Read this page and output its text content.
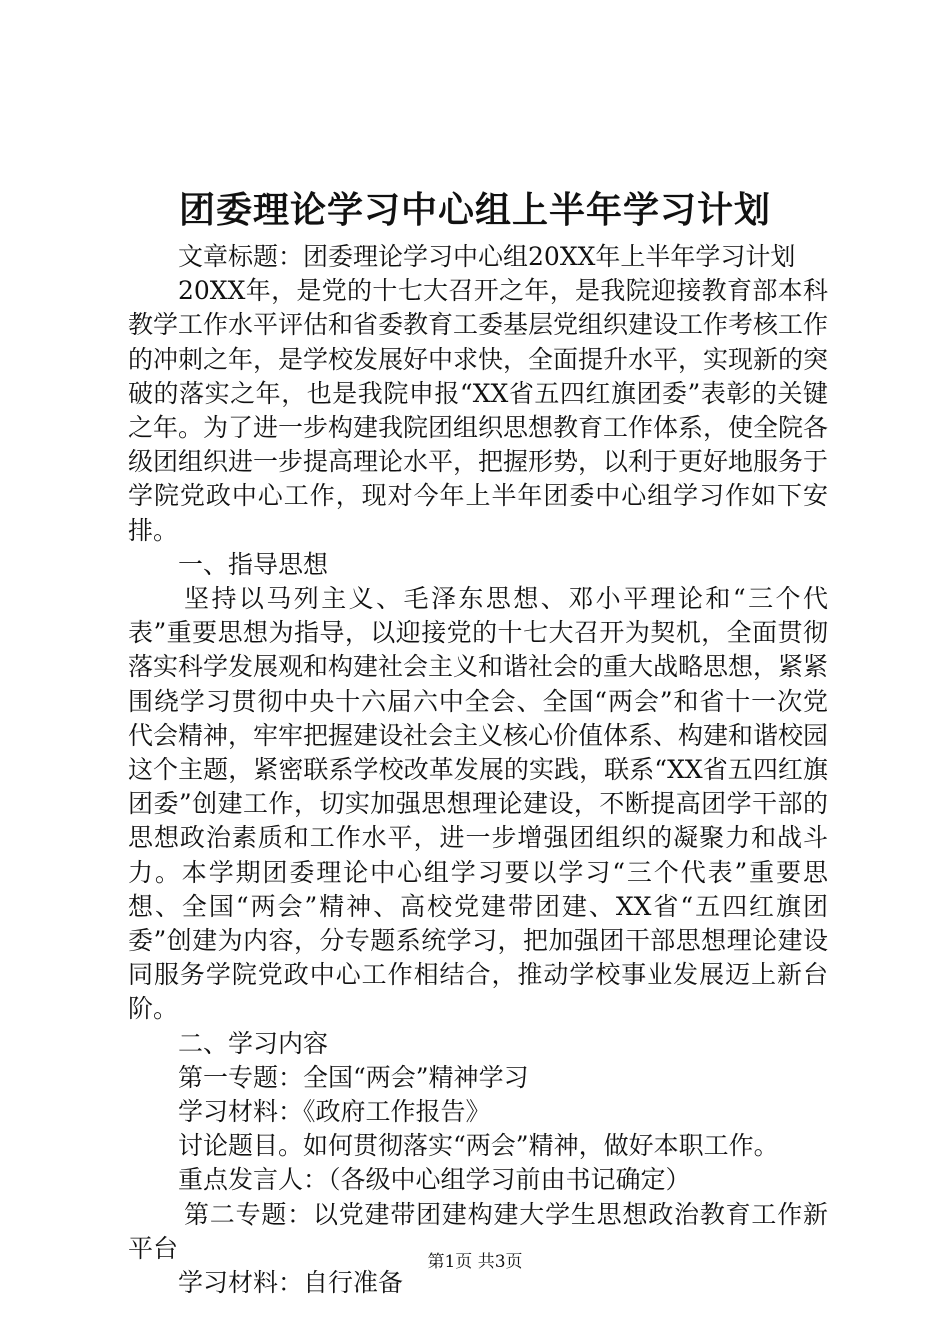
团委理论学习中心组上半年学习计划

文章标题：团委理论学习中心组20XX年上半年学习计划

20XX年，是党的十七大召开之年，是我院迎接教育部本科教学工作水平评估和省委教育工委基层党组织建设工作考核工作的冲刺之年，是学校发展好中求快，全面提升水平，实现新的突破的落实之年，也是我院申报“XX省五四红旗团委”表彰的关键之年。为了进一步构建我院团组织思想教育工作体系，使全院各级团组织进一步提高理论水平，把握形势，以利于更好地服务于学院党政中心工作，现对今年上半年团委中心组学习作如下安排。

一、指导思想

坚持以马列主义、毛泽东思想、邓小平理论和“三个代表”重要思想为指导，以迎接党的十七大召开为契机，全面贯彻落实科学发展观和构建社会主义和谐社会的重大战略思想，紧紧围绕学习贯彻中央十六届六中全会、全国“两会”和省十一次党代会精神，牢牢把握建设社会主义核心价值体系、构建和谐校园这个主题，紧密联系学校改革发展的实践，联系“XX省五四红旗团委”创建工作，切实加强思想理论建设，不断提高团学干部的思想政治素质和工作水平，进一步增强团组织的凝聚力和战斗力。本学期团委理论中心组学习要以学习“三个代表”重要思想、全国“两会”精神、高校党建带团建、XX省“五四红旗团委”创建为内容，分专题系统学习，把加强团干部思想理论建设同服务学院党政中心工作相结合，推动学校事业发展迈上新台阶。

二、学习内容

第一专题：全国“两会”精神学习

学习材料：《政府工作报告》

讨论题目。如何贯彻落实“两会”精神，做好本职工作。

重点发言人：（各级中心组学习前由书记确定）

第二专题：以党建带团建构建大学生思想政治教育工作新平台

学习材料：自行准备

第1页 共3页
